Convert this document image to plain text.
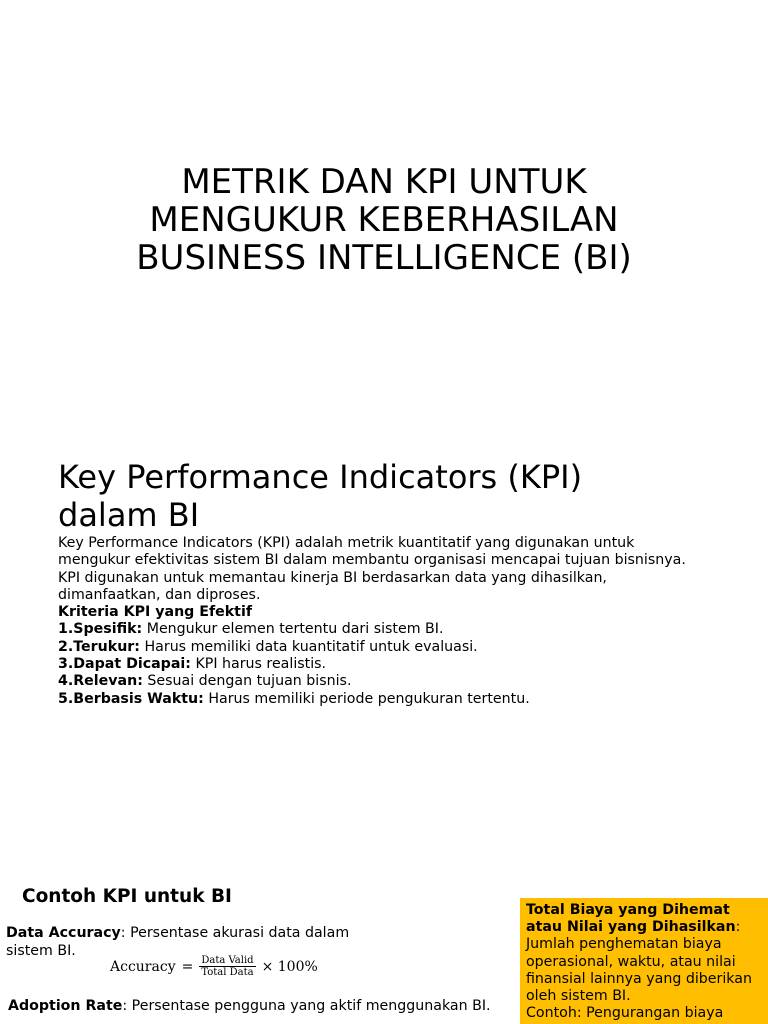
METRIK DAN KPI UNTUK
MENGUKUR KEBERHASILAN
BUSINESS INTELLIGENCE (BI)
Key Performance Indicators (KPI)
dalam BI

Key Performance Indicators (KPI) adalah metrik kuantitatif yang digunakan untuk

mengukur efektivitas sistem BI dalam membantu organisasi mencapai tujuan bisnisnya.

KPI digunakan untuk memantau kinerja BI berdasarkan data yang dihasilkan,

dimanfaatkan, dan diproses.

Kriteria KPI yang Efektif

1.Spesifik: Mengukur elemen tertentu dari sistem BI.

2.Terukur: Harus memiliki data kuantitatif untuk evaluasi.

3.Dapat Dicapai: KPI harus realistis.

4.Relevan: Sesuai dengan tujuan bisnis.

5.Berbasis Waktu: Harus memiliki periode pengukuran tertentu.

Contoh KPI untuk BI
Data Accuracy: Persentase akurasi data dalam sistem BI.
Accuracy = $\frac{\text{Data Valid}}{\text{Total Data}} \times 100\%$
Adoption Rate: Persentase pengguna yang aktif menggunakan BI.
Total Biaya yang Dihemat atau Nilai yang Dihasilkan: Jumlah penghematan biaya operasional, waktu, atau nilai finansial lainnya yang diberikan oleh sistem BI.
Contoh: Pengurangan biaya
